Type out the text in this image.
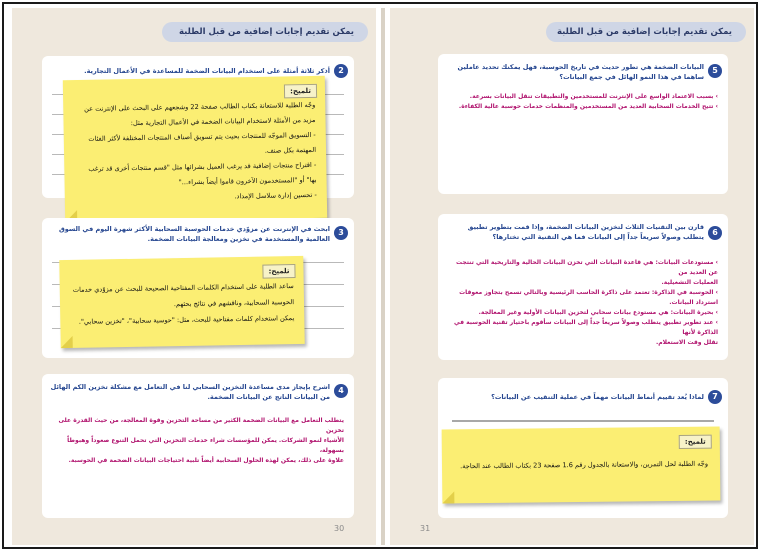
يمكن تقديم إجابات إضافية من قبل الطلبة
2
أذكر ثلاثة أمثلة على استخدام البيانات الضخمة للمساعدة في الأعمال التجارية.
تلميح:

وجّه الطلبة للاستعانة بكتاب الطالب صفحة 22 وشجعهم على البحث على الإنترنت عن

مزيد من الأمثلة لاستخدام البيانات الضخمة في الأعمال التجارية مثل:

- التسويق الموجّه للمنتجات بحيث يتم تسويق أصناف المنتجات المختلفة لأكثر الفئات

المهتمة بكل صنف.

- اقتراح منتجات إضافية قد يرغب العميل بشرائها مثل "قسم منتجات أخرى قد ترغب

بها" أو "المستخدمون الآخرون قاموا أيضاً بشراء..."

- تحسين إدارة سلاسل الإمداد.

3
ابحث في الإنترنت عن مزوّدي خدمات الحوسبة السحابية الأكثر شهرة اليوم في السوق العالمية والمستخدمة في تخزين ومعالجة البيانات الضخمة.
تلميح:

ساعد الطلبة على استخدام الكلمات المفتاحية الصحيحة للبحث عن مزوّدي خدمات

الحوسبة السحابية، وناقشهم في نتائج بحثهم.

يمكن استخدام كلمات مفتاحية للبحث، مثل: "حوسبة سحابية"، "تخزين سحابي".

4
اشرح بإيجاز مدى مساعدة التخزين السحابي لنا في التعامل مع مشكلة تخزين الكم الهائل من البيانات الناتج عن البيانات الضخمة.

يتطلب التعامل مع البيانات الضخمة الكثير من مساحة التخزين وقوة المعالجة، من حيث القدرة على تخزين

الأشياء لنمو الشركات. يمكن للمؤسسات شراء خدمات التخزين التي تحمل التنوع صعوداً وهبوطاً بسهولة،

علاوة على ذلك، يمكن لهذه الحلول السحابية أيضاً تلبية احتياجات البيانات الضخمة في الحوسبة.

30
يمكن تقديم إجابات إضافية من قبل الطلبة
5
البيانات الضخمة هي تطور حديث في تاريخ الحوسبة، فهل يمكنك تحديد عاملين ساهما في هذا النمو الهائل في جمع البيانات؟

› بسبب الاعتماد الواسع على الإنترنت للمستخدمين والتطبيقات تنقل البيانات بسرعة.

› تتيح الخدمات السحابية العديد من المستخدمين والمنظمات خدمات حوسبة عالية الكفاءة.

6
قارن بين التقنيات الثلاث لتخزين البيانات الضخمة، وإذا قمت بتطوير تطبيق يتطلب وصولاً سريعاً جداً إلى البيانات فما هي التقنية التي تختارها؟

› مستودعات البيانات: هي قاعدة البيانات التي تخزن البيانات الحالية والتاريخية التي تنتجت عن العديد من

العمليات التشغيلية.

› الحوسبة في الذاكرة: تعتمد على ذاكرة الحاسب الرئيسية وبالتالي تسمح بتجاوز معوقات استرداد البيانات.

› بحيرة البيانات: هي مستودع بيانات سحابي لتخزين البيانات الأولية وغير المعالجة.

› عند تطوير تطبيق يتطلب وصولاً سريعاً جداً إلى البيانات سأقوم باختيار تقنية الحوسبة في الذاكرة لأنها

تقلل وقت الاستعلام.

7
لماذا يُعد تقييم أنماط البيانات مهماً في عملية التنقيب عن البيانات؟
تلميح:

وجّه الطلبة لحل التمرين، والاستعانة بالجدول رقم 1.6 صفحة 23 بكتاب الطالب عند الحاجة.

31
